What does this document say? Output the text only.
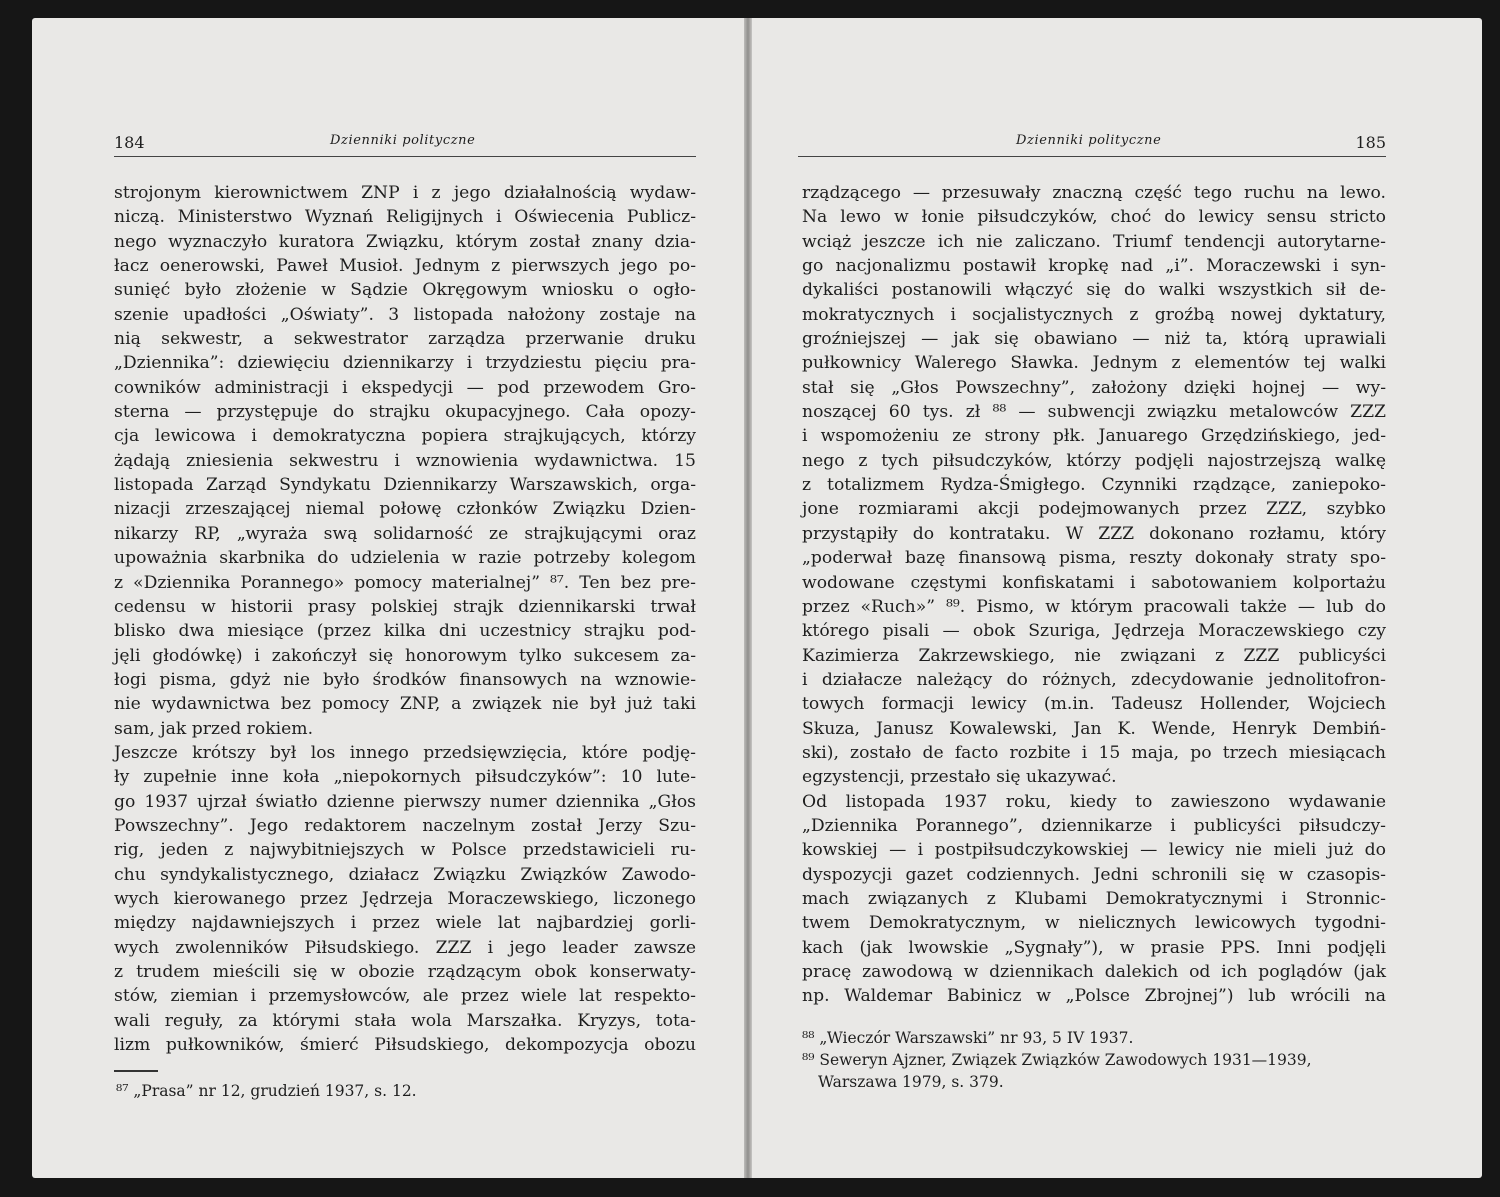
184	Dzienniki polityczne
strojonym kierownictwem ZNP i z jego działalnością wydaw-
niczą. Ministerstwo Wyznań Religijnych i Oświecenia Publicz-
nego wyznaczyło kuratora Związku, którym został znany dzia-
łacz oenerowski, Paweł Musioł. Jednym z pierwszych jego po-
sunięć było złożenie w Sądzie Okręgowym wniosku o ogło-
szenie upadłości „Oświaty”. 3 listopada nałożony zostaje na
nią sekwestr, a sekwestrator zarządza przerwanie druku
„Dziennika”: dziewięciu dziennikarzy i trzydziestu pięciu pra-
cowników administracji i ekspedycji — pod przewodem Gro-
sterna — przystępuje do strajku okupacyjnego. Cała opozy-
cja lewicowa i demokratyczna popiera strajkujących, którzy
żądają zniesienia sekwestru i wznowienia wydawnictwa. 15
listopada Zarząd Syndykatu Dziennikarzy Warszawskich, orga-
nizacji zrzeszającej niemal połowę członków Związku Dzien-
nikarzy RP, „wyraża swą solidarność ze strajkującymi oraz
upoważnia skarbnika do udzielenia w razie potrzeby kolegom
z «Dziennika Porannego» pomocy materialnej” ⁸⁷. Ten bez pre-
cedensu w historii prasy polskiej strajk dziennikarski trwał
blisko dwa miesiące (przez kilka dni uczestnicy strajku pod-
jęli głodówkę) i zakończył się honorowym tylko sukcesem za-
łogi pisma, gdyż nie było środków finansowych na wznowie-
nie wydawnictwa bez pomocy ZNP, a związek nie był już taki
sam, jak przed rokiem.
Jeszcze krótszy był los innego przedsięwzięcia, które podję-
ły zupełnie inne koła „niepokornych piłsudczyków”: 10 lute-
go 1937 ujrzał światło dzienne pierwszy numer dziennika „Głos
Powszechny”. Jego redaktorem naczelnym został Jerzy Szu-
rig, jeden z najwybitniejszych w Polsce przedstawicieli ru-
chu syndykalistycznego, działacz Związku Związków Zawodo-
wych kierowanego przez Jędrzeja Moraczewskiego, liczonego
między najdawniejszych i przez wiele lat najbardziej gorli-
wych zwolenników Piłsudskiego. ZZZ i jego leader zawsze
z trudem mieścili się w obozie rządzącym obok konserwaty-
stów, ziemian i przemysłowców, ale przez wiele lat respekto-
wali reguły, za którymi stała wola Marszałka. Kryzys, tota-
lizm pułkowników, śmierć Piłsudskiego, dekompozycja obozu
⁸⁷ „Prasa” nr 12, grudzień 1937, s. 12.
Dzienniki polityczne	185
rządzącego — przesuwały znaczną część tego ruchu na lewo.
Na lewo w łonie piłsudczyków, choć do lewicy sensu stricto
wciąż jeszcze ich nie zaliczano. Triumf tendencji autorytarne-
go nacjonalizmu postawił kropkę nad „i”. Moraczewski i syn-
dykaliści postanowili włączyć się do walki wszystkich sił de-
mokratycznych i socjalistycznych z groźbą nowej dyktatury,
groźniejszej — jak się obawiano — niż ta, którą uprawiali
pułkownicy Walerego Sławka. Jednym z elementów tej walki
stał się „Głos Powszechny”, założony dzięki hojnej — wy-
noszącej 60 tys. zł ⁸⁸ — subwencji związku metalowców ZZZ
i wspomożeniu ze strony płk. Januarego Grzędzińskiego, jed-
nego z tych piłsudczyków, którzy podjęli najostrzejszą walkę
z totalizmem Rydza-Śmigłego. Czynniki rządzące, zaniepoko-
jone rozmiarami akcji podejmowanych przez ZZZ, szybko
przystąpiły do kontrataku. W ZZZ dokonano rozłamu, który
„poderwał bazę finansową pisma, reszty dokonały straty spo-
wodowane częstymi konfiskatami i sabotowaniem kolportażu
przez «Ruch»” ⁸⁹. Pismo, w którym pracowali także — lub do
którego pisali — obok Szuriga, Jędrzeja Moraczewskiego czy
Kazimierza Zakrzewskiego, nie związani z ZZZ publicyści
i działacze należący do różnych, zdecydowanie jednolitofron-
towych formacji lewicy (m.in. Tadeusz Hollender, Wojciech
Skuza, Janusz Kowalewski, Jan K. Wende, Henryk Dembiń-
ski), zostało de facto rozbite i 15 maja, po trzech miesiącach
egzystencji, przestało się ukazywać.
Od listopada 1937 roku, kiedy to zawieszono wydawanie
„Dziennika Porannego”, dziennikarze i publicyści piłsudczy-
kowskiej — i postpiłsudczykowskiej — lewicy nie mieli już do
dyspozycji gazet codziennych. Jedni schronili się w czasopis-
mach związanych z Klubami Demokratycznymi i Stronnic-
twem Demokratycznym, w nielicznych lewicowych tygodni-
kach (jak lwowskie „Sygnały”), w prasie PPS. Inni podjęli
pracę zawodową w dziennikach dalekich od ich poglądów (jak
np. Waldemar Babinicz w „Polsce Zbrojnej”) lub wrócili na
⁸⁸ „Wieczór Warszawski” nr 93, 5 IV 1937.
⁸⁹ Seweryn Ajzner, Związek Związków Zawodowych 1931—1939,
Warszawa 1979, s. 379.
